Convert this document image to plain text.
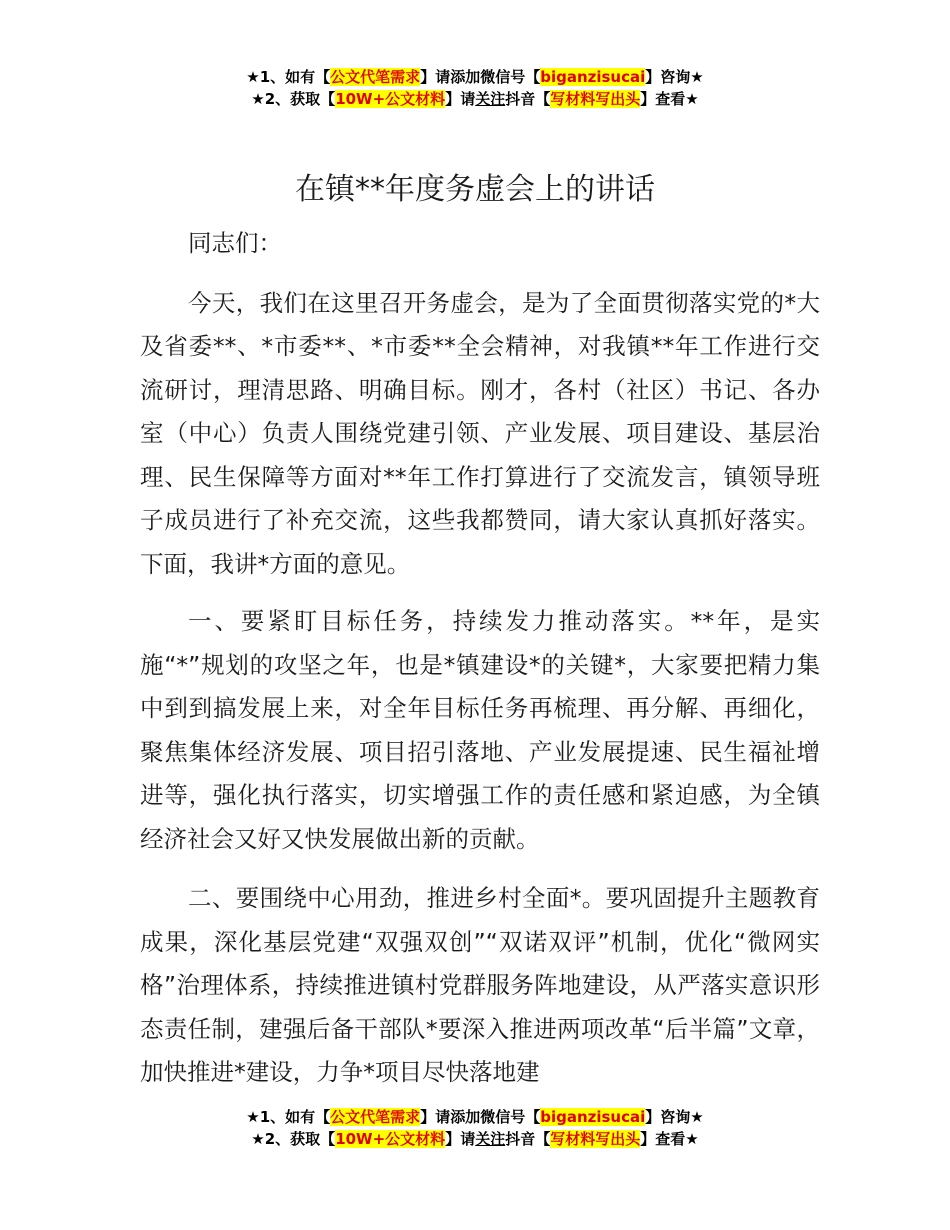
★1、如有【公文代笔需求】请添加微信号【biganzisucai】咨询★
★2、获取【10W+公文材料】请关注抖音【写材料写出头】查看★
在镇**年度务虚会上的讲话

同志们：

今天，我们在这里召开务虚会，是为了全面贯彻落实党的*大及省委**、*市委**、*市委**全会精神，对我镇**年工作进行交流研讨，理清思路、明确目标。刚才，各村（社区）书记、各办室（中心）负责人围绕党建引领、产业发展、项目建设、基层治理、民生保障等方面对**年工作打算进行了交流发言，镇领导班子成员进行了补充交流，这些我都赞同，请大家认真抓好落实。下面，我讲*方面的意见。

一、要紧盯目标任务，持续发力推动落实。**年，是实施“*”规划的攻坚之年，也是*镇建设*的关键*，大家要把精力集中到到搞发展上来，对全年目标任务再梳理、再分解、再细化，聚焦集体经济发展、项目招引落地、产业发展提速、民生福祉增进等，强化执行落实，切实增强工作的责任感和紧迫感，为全镇经济社会又好又快发展做出新的贡献。

二、要围绕中心用劲，推进乡村全面*。要巩固提升主题教育成果，深化基层党建“双强双创”“双诺双评”机制，优化“微网实格”治理体系，持续推进镇村党群服务阵地建设，从严落实意识形态责任制，建强后备干部队*要深入推进两项改革“后半篇”文章，加快推进*建设，力争*项目尽快落地建

★1、如有【公文代笔需求】请添加微信号【biganzisucai】咨询★
★2、获取【10W+公文材料】请关注抖音【写材料写出头】查看★
